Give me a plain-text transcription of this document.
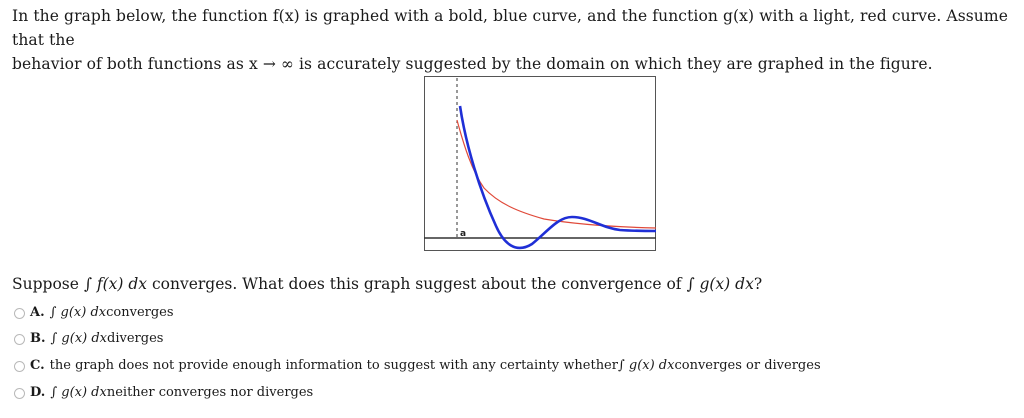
In the graph below, the function f(x) is graphed with a bold, blue curve, and the function g(x) with a light, red curve. Assume that the
behavior of both functions as x → ∞ is accurately suggested by the domain on which they are graphed in the figure.
a
Suppose ∫ f(x) dx converges. What does this graph suggest about the convergence of ∫ g(x) dx?
A. ∫ g(x) dx converges
B. ∫ g(x) dx diverges
C. the graph does not provide enough information to suggest with any certainty whether ∫ g(x) dx converges or diverges
D. ∫ g(x) dx neither converges nor diverges
